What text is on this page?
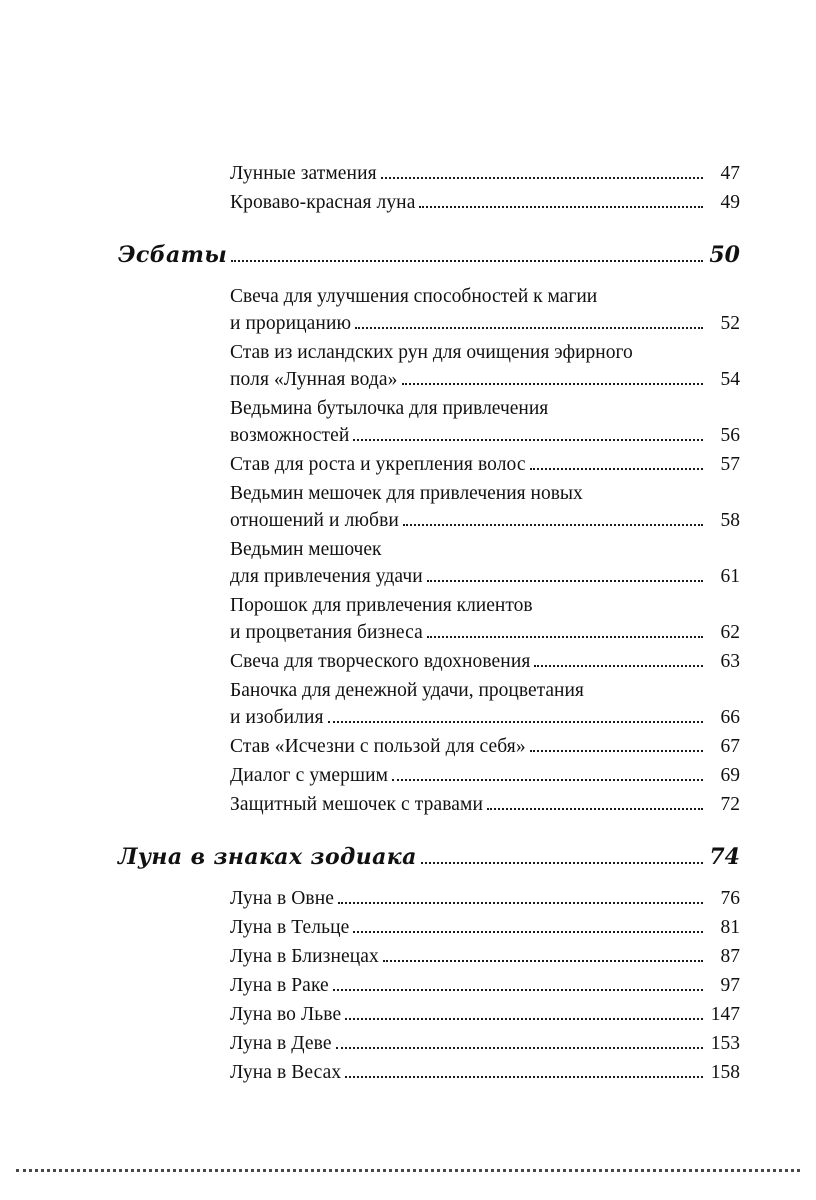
Лунные затмения	47
Кроваво-красная луна	49
Эсбаты	50
Свеча для улучшения способностей к магии
и прорицанию	52
Став из исландских рун для очищения эфирного
поля «Лунная вода»	54
Ведьмина бутылочка для привлечения
возможностей	56
Став для роста и укрепления волос	57
Ведьмин мешочек для привлечения новых
отношений и любви	58
Ведьмин мешочек
для привлечения удачи	61
Порошок для привлечения клиентов
и процветания бизнеса	62
Свеча для творческого вдохновения	63
Баночка для денежной удачи, процветания
и изобилия	66
Став «Исчезни с пользой для себя»	67
Диалог с умершим	69
Защитный мешочек с травами	72
Луна в знаках зодиака	74
Луна в Овне	76
Луна в Тельце	81
Луна в Близнецах	87
Луна в Раке	97
Луна во Льве	147
Луна в Деве	153
Луна в Весах	158
